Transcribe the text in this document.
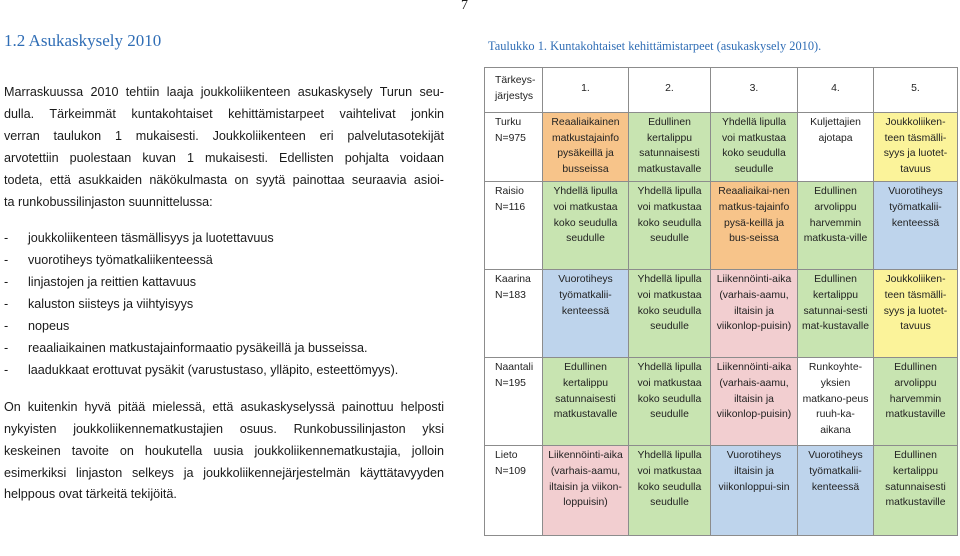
7
1.2 Asukaskysely 2010

Marraskuussa 2010 tehtiin laaja joukkoliikenteen asukaskysely Turun seu-

dulla. Tärkeimmät kuntakohtaiset kehittämistarpeet vaihtelivat jonkin

verran taulukon 1 mukaisesti. Joukkoliikenteen eri palvelutasotekijät

arvotettiin puolestaan kuvan 1 mukaisesti. Edellisten pohjalta voidaan

todeta, että asukkaiden näkökulmasta on syytä painottaa seuraavia asioi-

ta runkobussilinjaston suunnittelussa:

-	joukkoliikenteen täsmällisyys ja luotettavuus
-	vuorotiheys työmatkaliikenteessä
-	linjastojen ja reittien kattavuus
-	kaluston siisteys ja viihtyisyys
-	nopeus
-	reaaliaikainen matkustajainformaatio pysäkeillä ja busseissa.
-	laadukkaat erottuvat pysäkit (varustustaso, ylläpito, esteettömyys).

On kuitenkin hyvä pitää mielessä, että asukaskyselyssä painottuu helposti

nykyisten joukkoliikennematkustajien osuus. Runkobussilinjaston yksi

keskeinen tavoite on houkutella uusia joukkoliikennematkustajia, jolloin

esimerkiksi linjaston selkeys ja joukkoliikennejärjestelmän käyttätavyyden

helppous ovat tärkeitä tekijöitä.

Taulukko 1. Kuntakohtaiset kehittämistarpeet (asukaskysely 2010).
Tärkeys-järjestys	1.	2.	3.	4.	5.

Turku
N=975	Reaaliaikainen matkustajainfo pysäkeillä ja busseissa	Edullinen kertalippu satunnaisesti matkustavalle	Yhdellä lipulla voi matkustaa koko seudulla seudulle	Kuljettajien ajotapa	Joukkoliiken-teen täsmälli-syys ja luotet-tavuus

Raisio
N=116	Yhdellä lipulla voi matkustaa koko seudulla seudulle	Yhdellä lipulla voi matkustaa koko seudulla seudulle	Reaaliaikai-nen matkus-tajainfo pysä-keillä ja bus-seissa	Edullinen arvolippu harvemmin matkusta-ville	Vuorotiheys työmatkalii-kenteessä

Kaarina
N=183	Vuorotiheys työmatkalii-kenteessä	Yhdellä lipulla voi matkustaa koko seudulla seudulle	Liikennöinti-aika (varhais-aamu, iltaisin ja viikonlop-puisin)	Edullinen kertalippu satunnai-sesti mat-kustavalle	Joukkoliiken-teen täsmälli-syys ja luotet-tavuus

Naantali
N=195	Edullinen kertalippu satunnaisesti matkustavalle	Yhdellä lipulla voi matkustaa koko seudulla seudulle	Liikennöinti-aika (varhais-aamu, iltaisin ja viikonlop-puisin)	Runkoyhte-yksien matkano-peus ruuh-ka-aikana	Edullinen arvolippu harvemmin matkustaville

Lieto
N=109	Liikennöinti-aika (varhais-aamu, iltaisin ja viikon-loppuisin)	Yhdellä lipulla voi matkustaa koko seudulla seudulle	Vuorotiheys iltaisin ja viikonloppui-sin	Vuorotiheys työmatkalii-kenteessä	Edullinen kertalippu satunnaisesti matkustaville
